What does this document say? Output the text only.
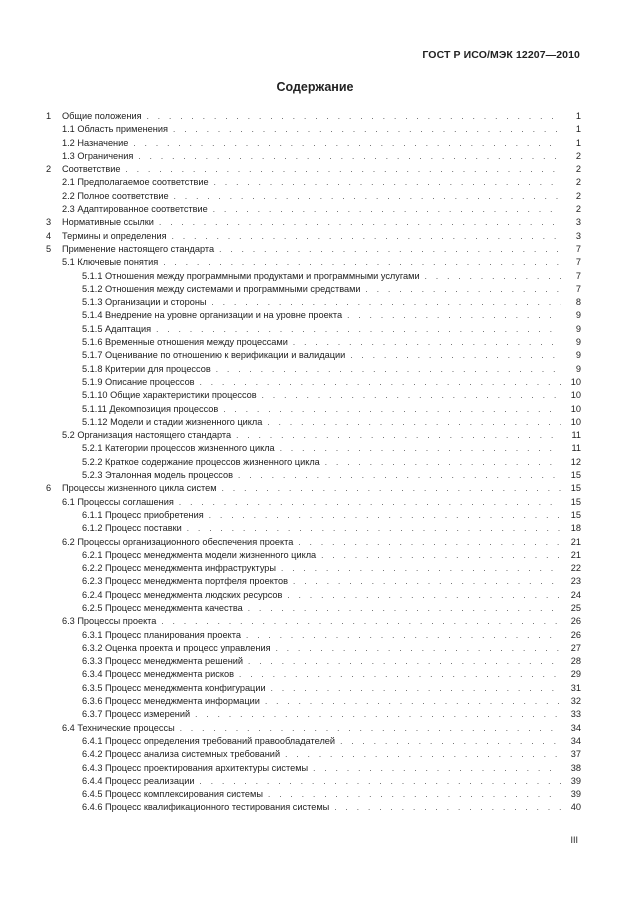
ГОСТ Р ИСО/МЭК 12207—2010
Содержание
1 Общие положения . . .	1
1.1 Область применения . . .	1
1.2 Назначение . . .	1
1.3 Ограничения . . .	2
2 Соответствие . . .	2
2.1 Предполагаемое соответствие . . .	2
2.2 Полное соответствие . . .	2
2.3 Адаптированное соответствие . . .	2
3 Нормативные ссылки . . .	3
4 Термины и определения . . .	3
5 Применение настоящего стандарта . . .	7
5.1 Ключевые понятия . . .	7
5.1.1 Отношения между программными продуктами и программными услугами . . .	7
5.1.2 Отношения между системами и программными средствами . . .	7
5.1.3 Организации и стороны . . .	8
5.1.4 Внедрение на уровне организации и на уровне проекта . . .	9
5.1.5 Адаптация . . .	9
5.1.6 Временные отношения между процессами . . .	9
5.1.7 Оценивание по отношению к верификации и валидации . . .	9
5.1.8 Критерии для процессов . . .	9
5.1.9 Описание процессов . . .	10
5.1.10 Общие характеристики процессов . . .	10
5.1.11 Декомпозиция процессов . . .	10
5.1.12 Модели и стадии жизненного цикла . . .	10
5.2 Организация настоящего стандарта . . .	11
5.2.1 Категории процессов жизненного цикла . . .	11
5.2.2 Краткое содержание процессов жизненного цикла . . .	12
5.2.3 Эталонная модель процессов . . .	15
6 Процессы жизненного цикла систем . . .	15
6.1 Процессы соглашения . . .	15
6.1.1 Процесс приобретения . . .	15
6.1.2 Процесс поставки . . .	18
6.2 Процессы организационного обеспечения проекта . . .	21
6.2.1 Процесс менеджмента модели жизненного цикла . . .	21
6.2.2 Процесс менеджмента инфраструктуры . . .	22
6.2.3 Процесс менеджмента портфеля проектов . . .	23
6.2.4 Процесс менеджмента людских ресурсов . . .	24
6.2.5 Процесс менеджмента качества . . .	25
6.3 Процессы проекта . . .	26
6.3.1 Процесс планирования проекта . . .	26
6.3.2 Оценка проекта и процесс управления . . .	27
6.3.3 Процесс менеджмента решений . . .	28
6.3.4 Процесс менеджмента рисков . . .	29
6.3.5 Процесс менеджмента конфигурации . . .	31
6.3.6 Процесс менеджмента информации . . .	32
6.3.7 Процесс измерений . . .	33
6.4 Технические процессы . . .	34
6.4.1 Процесс определения требований правообладателей . . .	34
6.4.2 Процесс анализа системных требований . . .	37
6.4.3 Процесс проектирования архитектуры системы . . .	38
6.4.4 Процесс реализации . . .	39
6.4.5 Процесс комплексирования системы . . .	39
6.4.6 Процесс квалификационного тестирования системы . . .	40
III
